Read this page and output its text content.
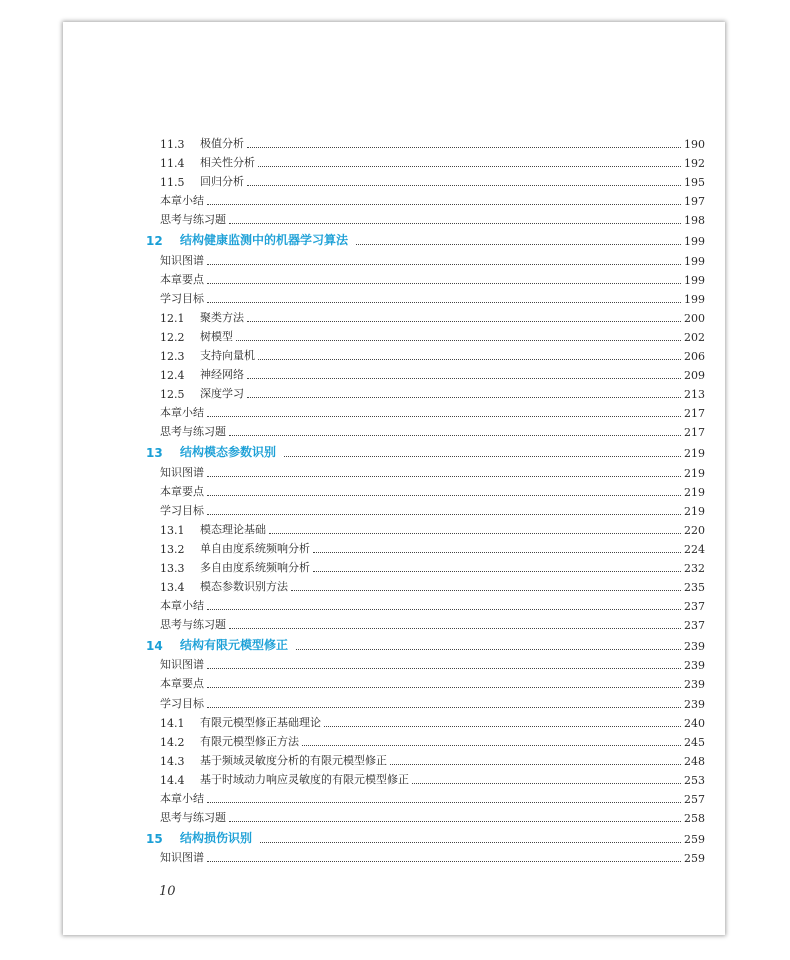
11.3	极值分析	190
11.4	相关性分析	192
11.5	回归分析	195
本章小结	197
思考与练习题	198
12	结构健康监测中的机器学习算法	199
知识图谱	199
本章要点	199
学习目标	199
12.1	聚类方法	200
12.2	树模型	202
12.3	支持向量机	206
12.4	神经网络	209
12.5	深度学习	213
本章小结	217
思考与练习题	217
13	结构模态参数识别	219
知识图谱	219
本章要点	219
学习目标	219
13.1	模态理论基础	220
13.2	单自由度系统频响分析	224
13.3	多自由度系统频响分析	232
13.4	模态参数识别方法	235
本章小结	237
思考与练习题	237
14	结构有限元模型修正	239
知识图谱	239
本章要点	239
学习目标	239
14.1	有限元模型修正基础理论	240
14.2	有限元模型修正方法	245
14.3	基于频域灵敏度分析的有限元模型修正	248
14.4	基于时域动力响应灵敏度的有限元模型修正	253
本章小结	257
思考与练习题	258
15	结构损伤识别	259
知识图谱	259
10
